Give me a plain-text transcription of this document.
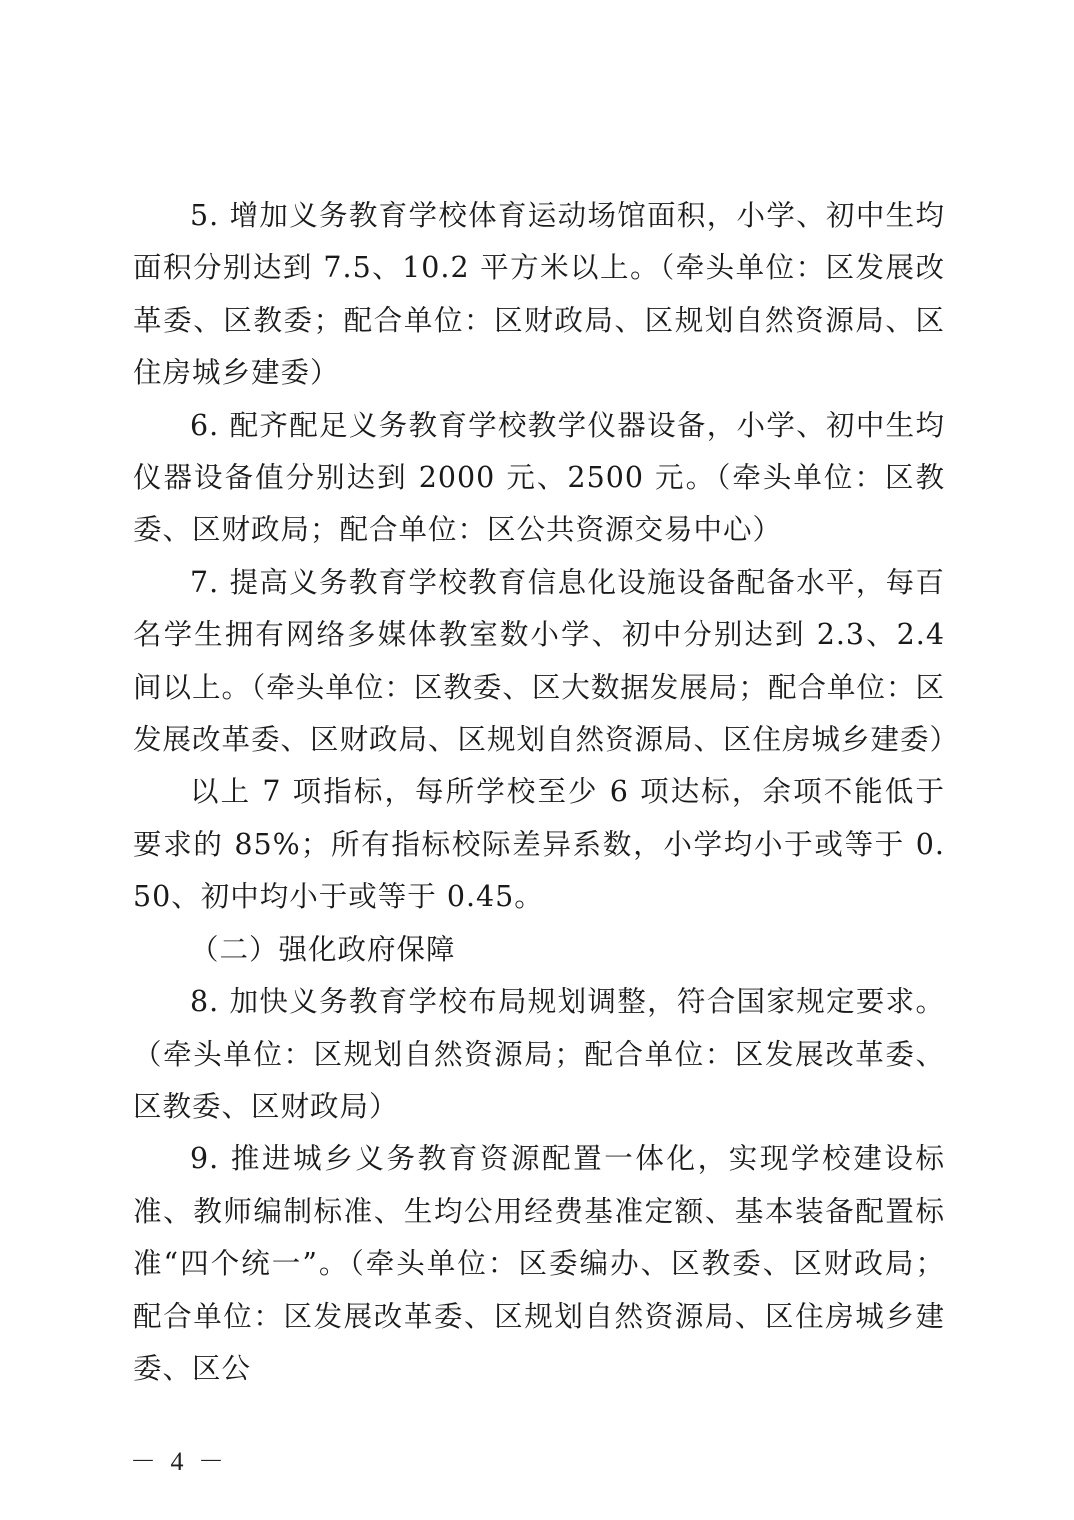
5. 增加义务教育学校体育运动场馆面积，小学、初中生均面积分别达到 7.5、10.2 平方米以上。（牵头单位：区发展改革委、区教委；配合单位：区财政局、区规划自然资源局、区住房城乡建委）

6. 配齐配足义务教育学校教学仪器设备，小学、初中生均仪器设备值分别达到 2000 元、2500 元。（牵头单位：区教委、区财政局；配合单位：区公共资源交易中心）

7. 提高义务教育学校教育信息化设施设备配备水平，每百名学生拥有网络多媒体教室数小学、初中分别达到 2.3、2.4 间以上。（牵头单位：区教委、区大数据发展局；配合单位：区发展改革委、区财政局、区规划自然资源局、区住房城乡建委）

以上 7 项指标，每所学校至少 6 项达标，余项不能低于要求的 85%；所有指标校际差异系数，小学均小于或等于 0.50、初中均小于或等于 0.45。

（二）强化政府保障

8. 加快义务教育学校布局规划调整，符合国家规定要求。（牵头单位：区规划自然资源局；配合单位：区发展改革委、区教委、区财政局）

9. 推进城乡义务教育资源配置一体化，实现学校建设标准、教师编制标准、生均公用经费基准定额、基本装备配置标准“四个统一”。（牵头单位：区委编办、区教委、区财政局；配合单位：区发展改革委、区规划自然资源局、区住房城乡建委、区公

－ 4 －
